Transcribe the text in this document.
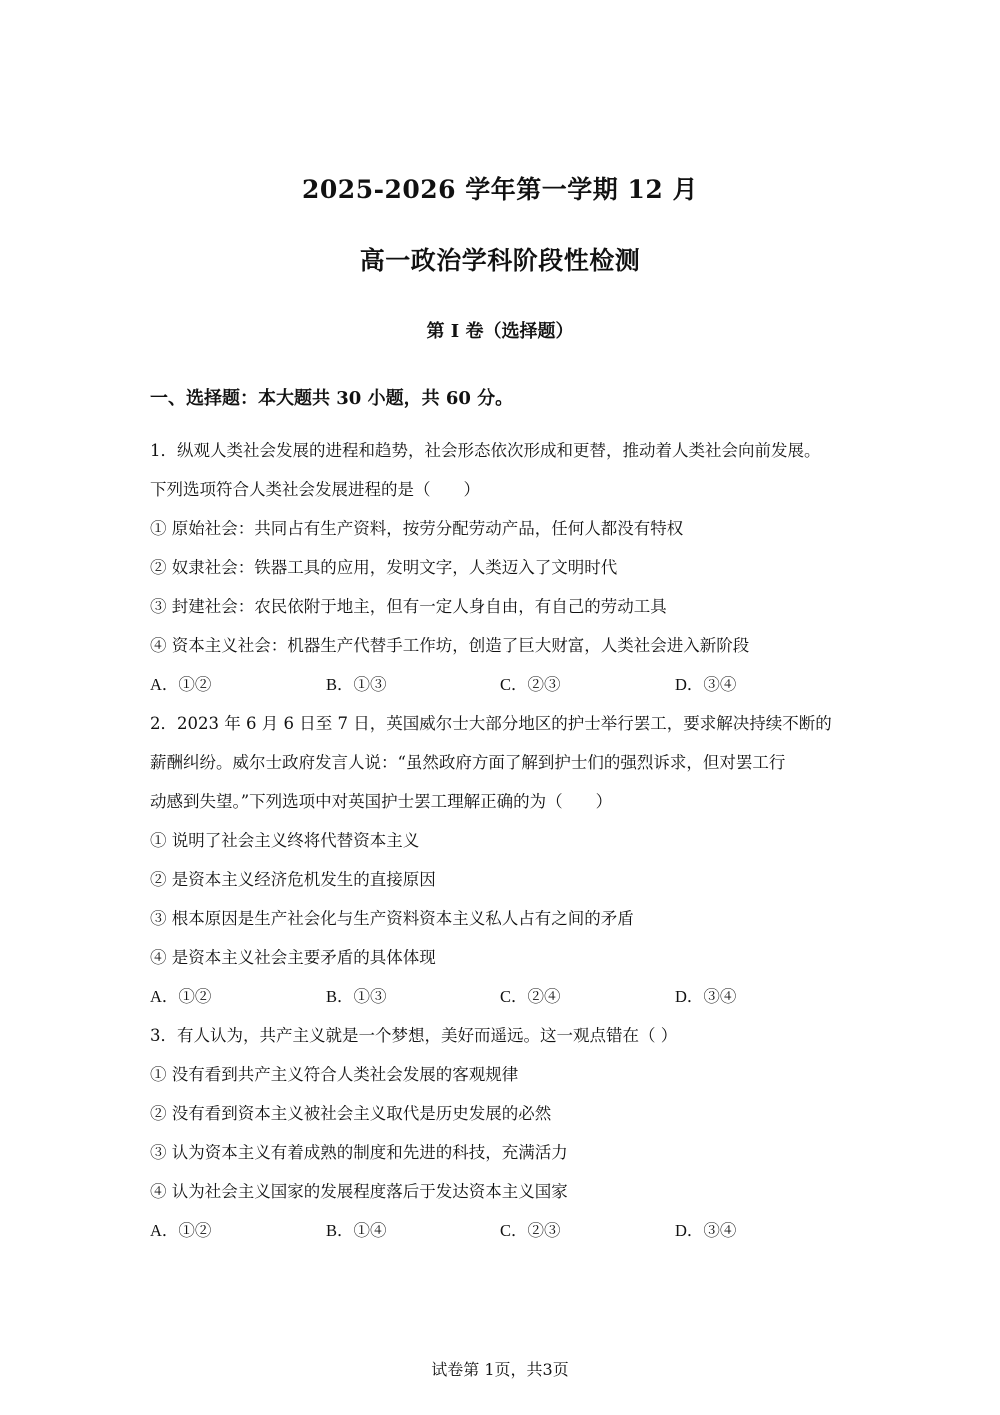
2025-2026 学年第一学期 12 月
高一政治学科阶段性检测
第 I 卷（选择题）
一、选择题：本大题共 30 小题，共 60 分。
1．纵观人类社会发展的进程和趋势，社会形态依次形成和更替，推动着人类社会向前发展。
下列选项符合人类社会发展进程的是（　　）
① 原始社会：共同占有生产资料，按劳分配劳动产品，任何人都没有特权
② 奴隶社会：铁器工具的应用，发明文字，人类迈入了文明时代
③ 封建社会：农民依附于地主，但有一定人身自由，有自己的劳动工具
④ 资本主义社会：机器生产代替手工作坊，创造了巨大财富，人类社会进入新阶段
A．①②	B．①③	C．②③	D．③④
2．2023 年 6 月 6 日至 7 日，英国威尔士大部分地区的护士举行罢工，要求解决持续不断的
薪酬纠纷。威尔士政府发言人说：“虽然政府方面了解到护士们的强烈诉求，但对罢工行
动感到失望。”下列选项中对英国护士罢工理解正确的为（　　）
① 说明了社会主义终将代替资本主义
② 是资本主义经济危机发生的直接原因
③ 根本原因是生产社会化与生产资料资本主义私人占有之间的矛盾
④ 是资本主义社会主要矛盾的具体体现
A．①②	B．①③	C．②④	D．③④
3．有人认为，共产主义就是一个梦想，美好而遥远。这一观点错在（ ）
① 没有看到共产主义符合人类社会发展的客观规律
② 没有看到资本主义被社会主义取代是历史发展的必然
③ 认为资本主义有着成熟的制度和先进的科技，充满活力
④ 认为社会主义国家的发展程度落后于发达资本主义国家
A．①②	B．①④	C．②③	D．③④
试卷第 1页，共3页
